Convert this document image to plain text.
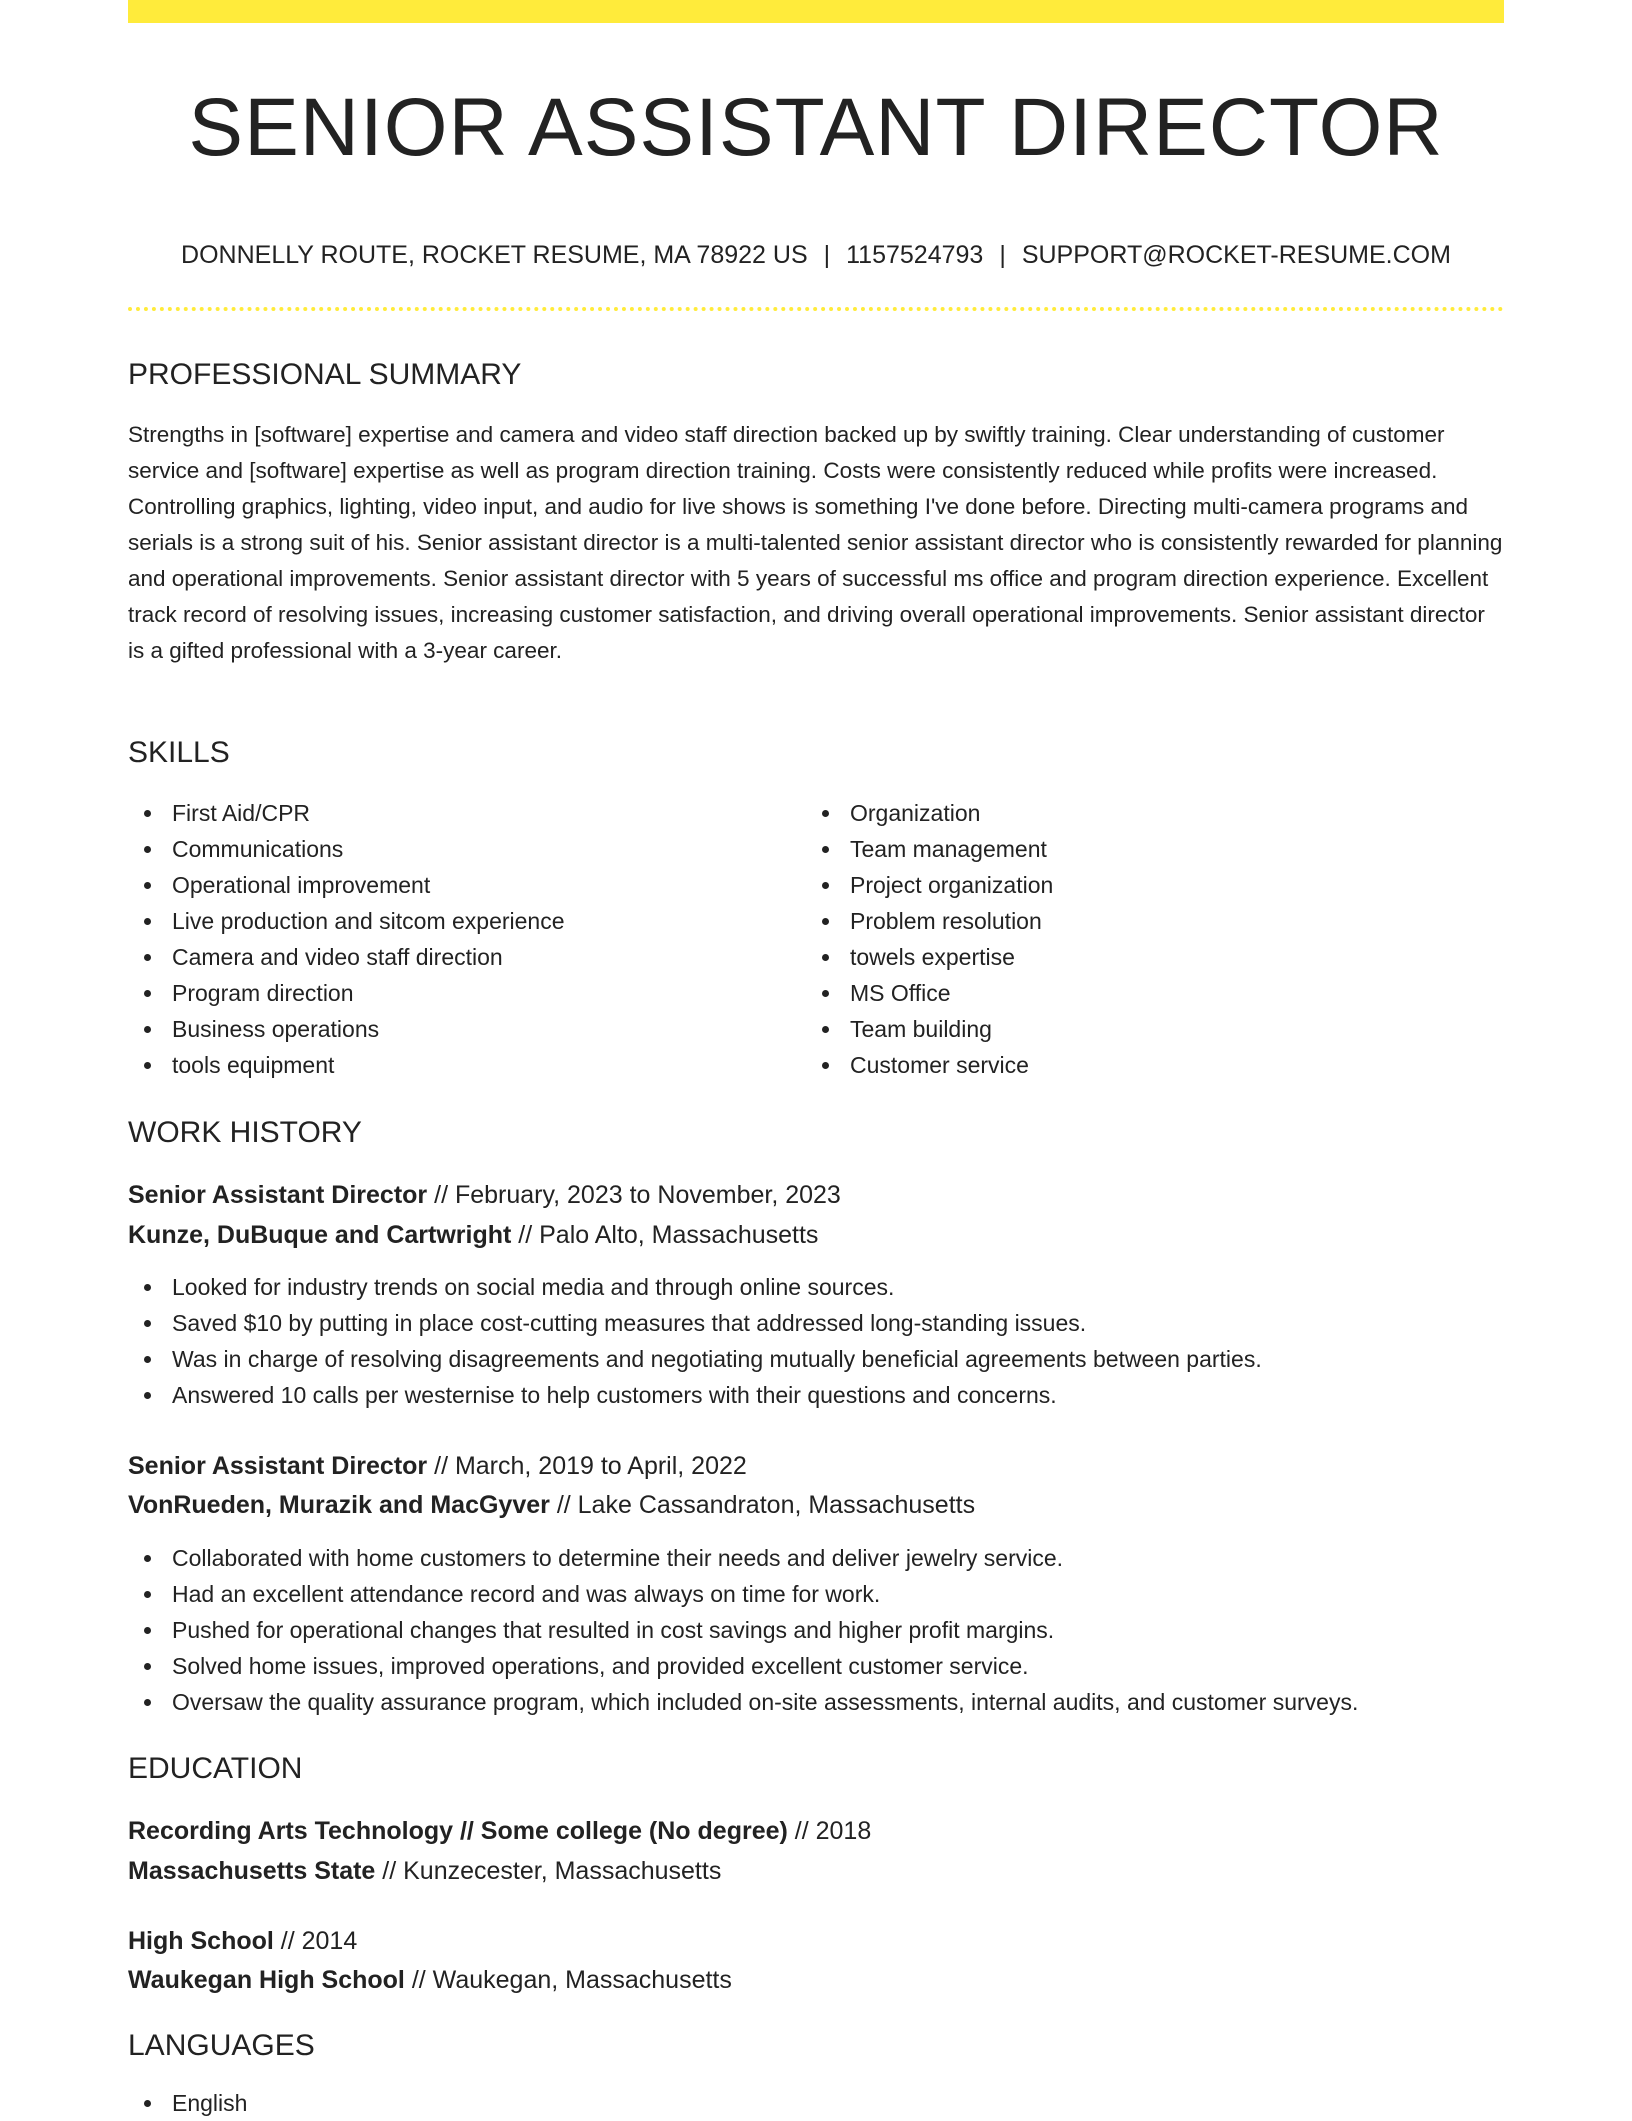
SENIOR ASSISTANT DIRECTOR
DONNELLY ROUTE, ROCKET RESUME, MA 78922 US | 1157524793 | SUPPORT@ROCKET-RESUME.COM
PROFESSIONAL SUMMARY

Strengths in [software] expertise and camera and video staff direction backed up by swiftly training. Clear understanding of customer service and [software] expertise as well as program direction training. Costs were consistently reduced while profits were increased. Controlling graphics, lighting, video input, and audio for live shows is something I've done before. Directing multi-camera programs and serials is a strong suit of his. Senior assistant director is a multi-talented senior assistant director who is consistently rewarded for planning and operational improvements. Senior assistant director with 5 years of successful ms office and program direction experience. Excellent track record of resolving issues, increasing customer satisfaction, and driving overall operational improvements. Senior assistant director is a gifted professional with a 3-year career.

SKILLS
First Aid/CPR
Communications
Operational improvement
Live production and sitcom experience
Camera and video staff direction
Program direction
Business operations
tools equipment
Organization
Team management
Project organization
Problem resolution
towels expertise
MS Office
Team building
Customer service
WORK HISTORY
Senior Assistant Director // February, 2023 to November, 2023
Kunze, DuBuque and Cartwright // Palo Alto, Massachusetts
Looked for industry trends on social media and through online sources.
Saved $10 by putting in place cost-cutting measures that addressed long-standing issues.
Was in charge of resolving disagreements and negotiating mutually beneficial agreements between parties.
Answered 10 calls per westernise to help customers with their questions and concerns.
Senior Assistant Director // March, 2019 to April, 2022
VonRueden, Murazik and MacGyver // Lake Cassandraton, Massachusetts
Collaborated with home customers to determine their needs and deliver jewelry service.
Had an excellent attendance record and was always on time for work.
Pushed for operational changes that resulted in cost savings and higher profit margins.
Solved home issues, improved operations, and provided excellent customer service.
Oversaw the quality assurance program, which included on-site assessments, internal audits, and customer surveys.
EDUCATION
Recording Arts Technology // Some college (No degree) // 2018
Massachusetts State // Kunzecester, Massachusetts
High School // 2014
Waukegan High School // Waukegan, Massachusetts
LANGUAGES
English
